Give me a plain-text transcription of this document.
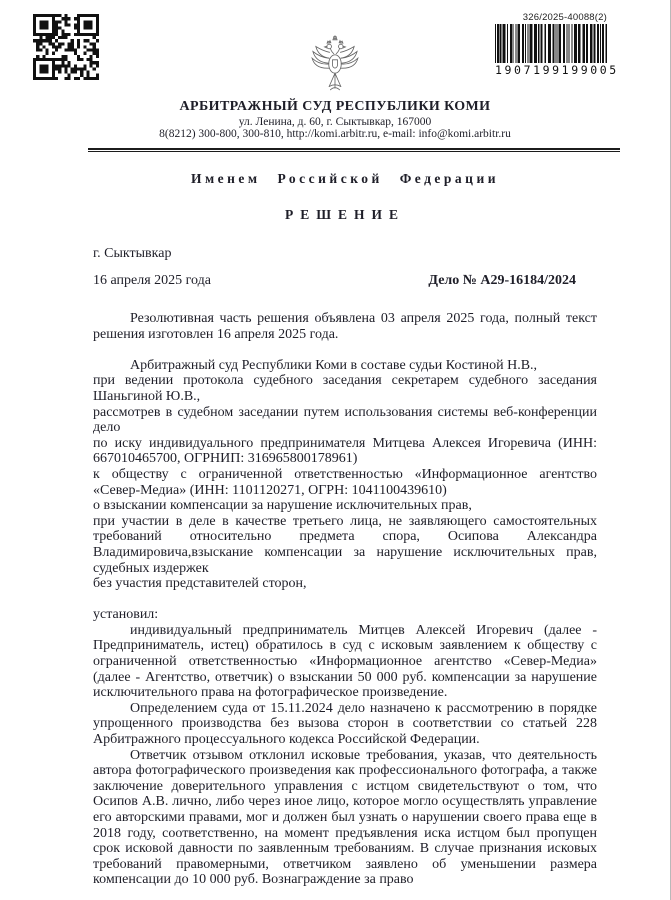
АРБИТРАЖНЫЙ СУД РЕСПУБЛИКИ КОМИ
ул. Ленина, д. 60, г. Сыктывкар, 167000
8(8212) 300-800, 300-810, http://komi.arbitr.ru, e-mail: info@komi.arbitr.ru
326/2025-40088(2)
1907199199005
Именем Российской Федерации
РЕШЕНИЕ
г. Сыктывкар
16 апреля 2025 года	Дело № А29-16184/2024

Резолютивная часть решения объявлена 03 апреля 2025 года, полный текст решения изготовлен 16 апреля 2025 года.

Арбитражный суд Республики Коми в составе судьи Костиной Н.В.,

при ведении протокола судебного заседания секретарем судебного заседания Шаньгиной Ю.В.,

рассмотрев в судебном заседании путем использования системы веб-конференции дело

по иску индивидуального предпринимателя Митцева Алексея Игоревича (ИНН: 667010465700, ОГРНИП: 316965800178961)

к обществу с ограниченной ответственностью «Информационное агентство «Север-Медиа» (ИНН: 1101120271, ОГРН: 1041100439610)

о взыскании компенсации за нарушение исключительных прав,

при участии в деле в качестве третьего лица, не заявляющего самостоятельных требований относительно предмета спора, Осипова Александра Владимировича,взыскание компенсации за нарушение исключительных прав, судебных издержек

без участия представителей сторон,

установил:

индивидуальный предприниматель Митцев Алексей Игоревич (далее - Предприниматель, истец) обратилось в суд с исковым заявлением к обществу с ограниченной ответственностью «Информационное агентство «Север-Медиа» (далее - Агентство, ответчик) о взыскании 50 000 руб. компенсации за нарушение исключительного права на фотографическое произведение.

Определением суда от 15.11.2024 дело назначено к рассмотрению в порядке упрощенного производства без вызова сторон в соответствии со статьей 228 Арбитражного процессуального кодекса Российской Федерации.

Ответчик отзывом отклонил исковые требования, указав, что деятельность автора фотографического произведения как профессионального фотографа, а также заключение доверительного управления с истцом свидетельствуют о том, что Осипов А.В. лично, либо через иное лицо, которое могло осуществлять управление его авторскими правами, мог и должен был узнать о нарушении своего права еще в 2018 году, соответственно, на момент предъявления иска истцом был пропущен срок исковой давности по заявленным требованиям. В случае признания исковых требований правомерными, ответчиком заявлено об уменьшении размера компенсации до 10 000 руб. Вознаграждение за право
